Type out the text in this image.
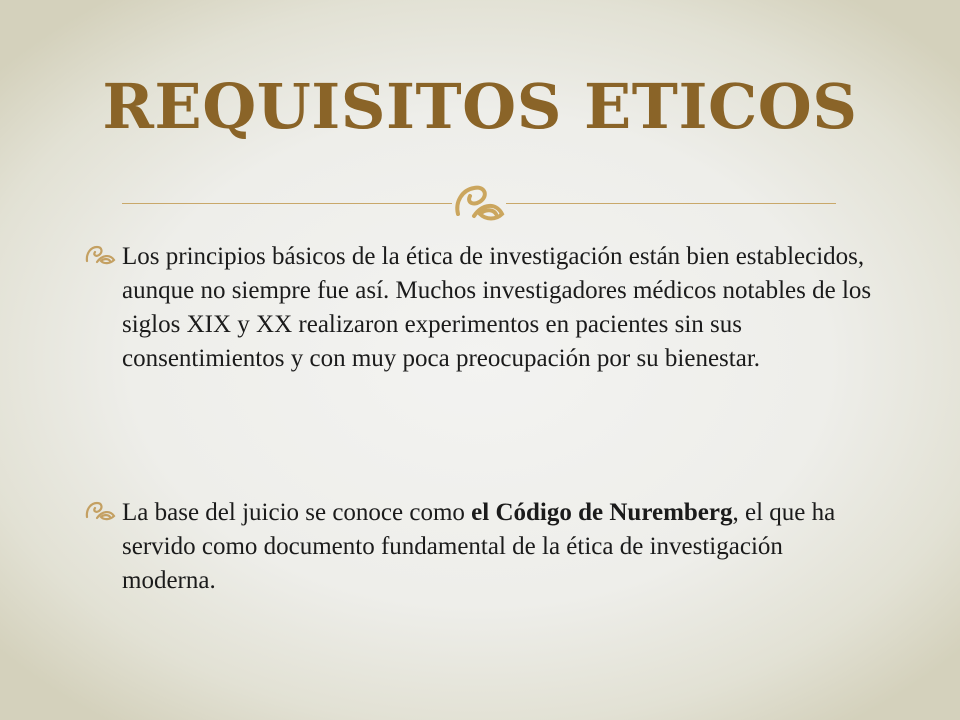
REQUISITOS ETICOS
Los principios básicos de la ética de investigación están bien establecidos, aunque no siempre fue así. Muchos investigadores médicos notables de los siglos XIX y XX realizaron experimentos en pacientes sin sus consentimientos y con muy poca preocupación por su bienestar.
La base del juicio se conoce como el Código de Nuremberg, el que ha servido como documento fundamental de la ética de investigación moderna.
